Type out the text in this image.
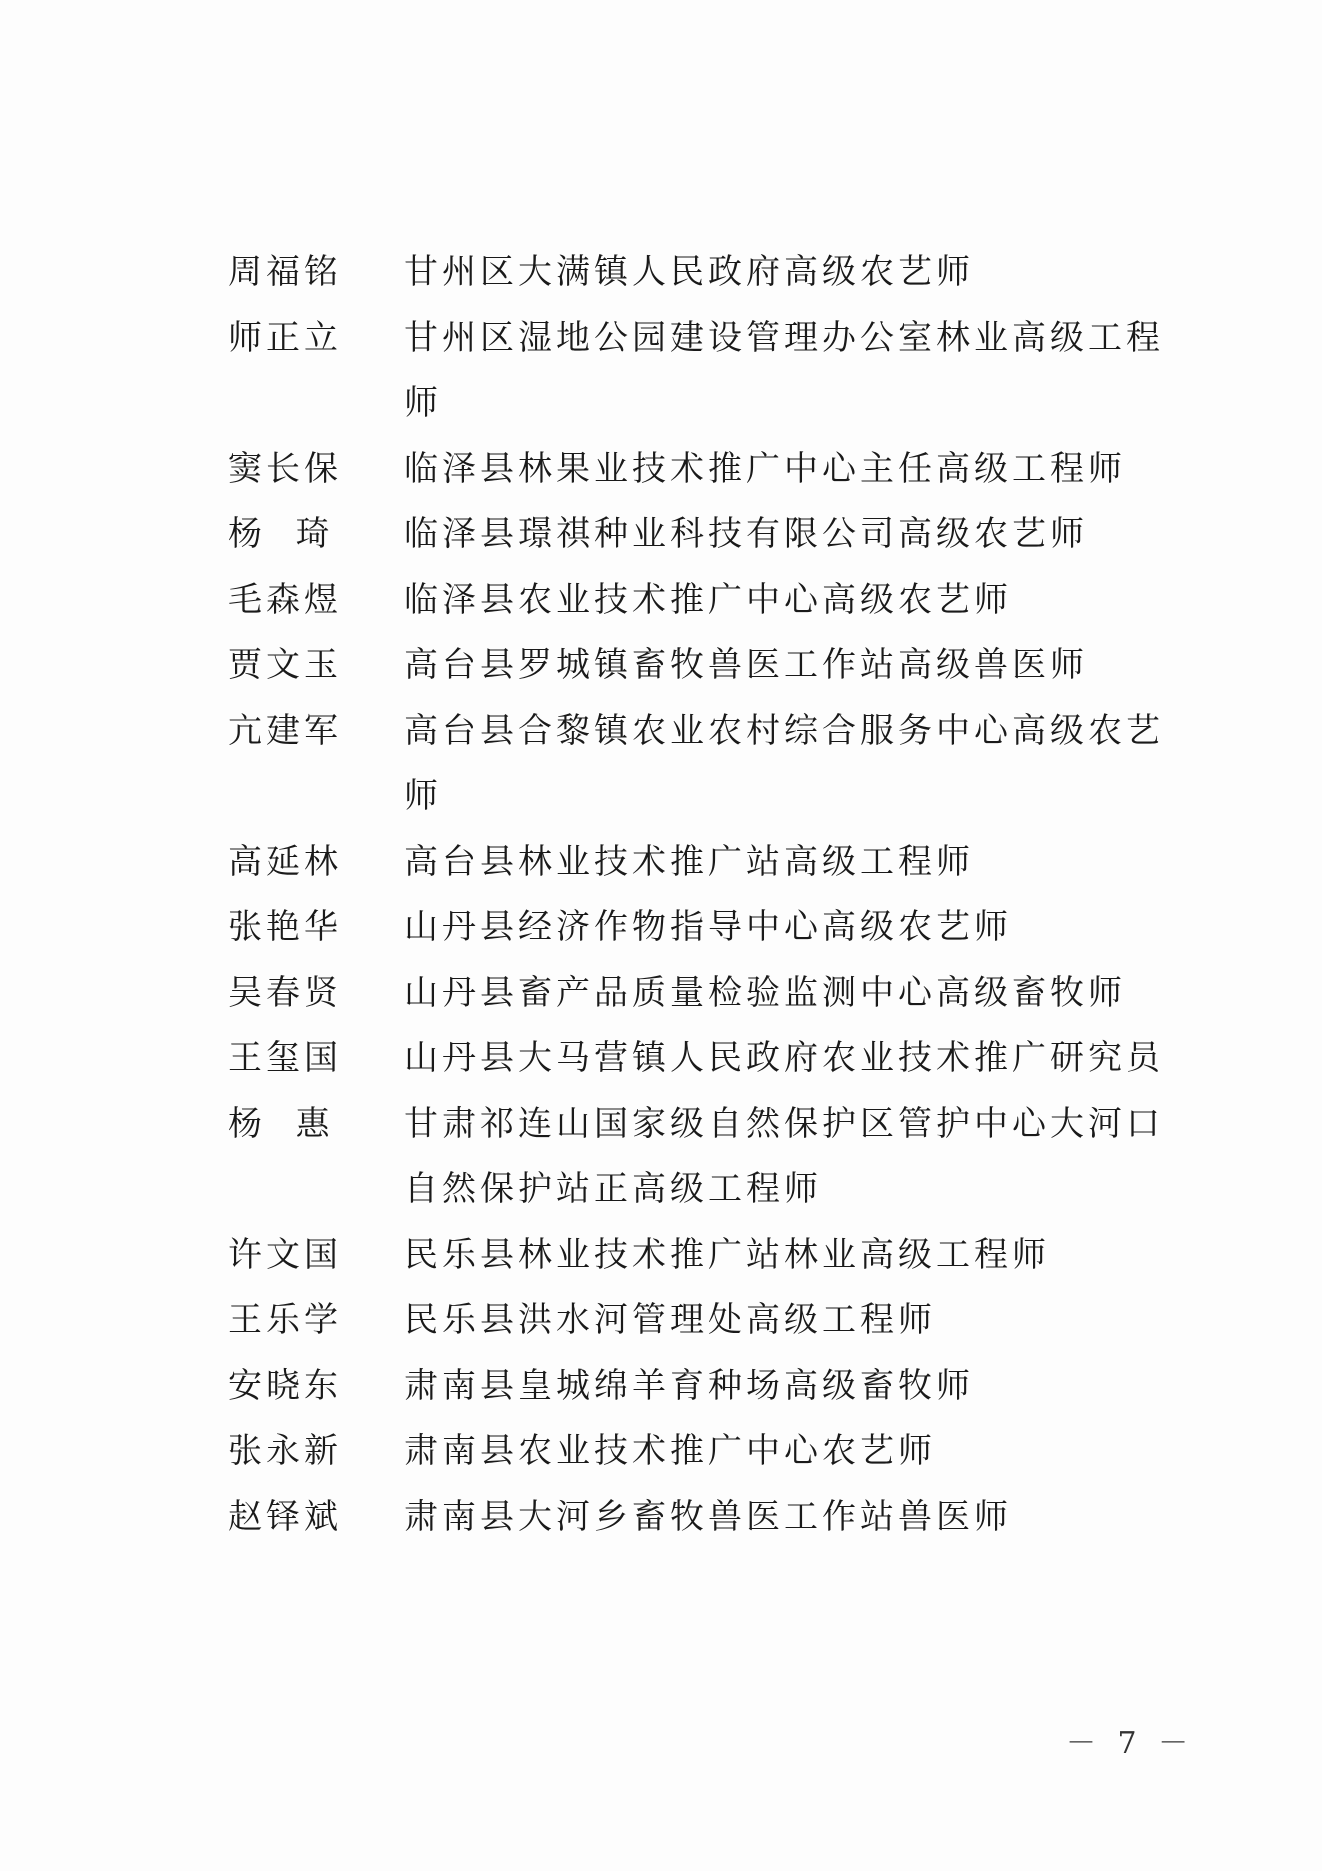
周福铭	甘州区大满镇人民政府高级农艺师
师正立	甘州区湿地公园建设管理办公室林业高级工程师
窦长保	临泽县林果业技术推广中心主任高级工程师
杨  琦	临泽县璟祺种业科技有限公司高级农艺师
毛森煜	临泽县农业技术推广中心高级农艺师
贾文玉	高台县罗城镇畜牧兽医工作站高级兽医师
亢建军	高台县合黎镇农业农村综合服务中心高级农艺师
高延林	高台县林业技术推广站高级工程师
张艳华	山丹县经济作物指导中心高级农艺师
吴春贤	山丹县畜产品质量检验监测中心高级畜牧师
王玺国	山丹县大马营镇人民政府农业技术推广研究员
杨  惠	甘肃祁连山国家级自然保护区管护中心大河口自然保护站正高级工程师
许文国	民乐县林业技术推广站林业高级工程师
王乐学	民乐县洪水河管理处高级工程师
安晓东	肃南县皇城绵羊育种场高级畜牧师
张永新	肃南县农业技术推广中心农艺师
赵铎斌	肃南县大河乡畜牧兽医工作站兽医师
－ 7 －
